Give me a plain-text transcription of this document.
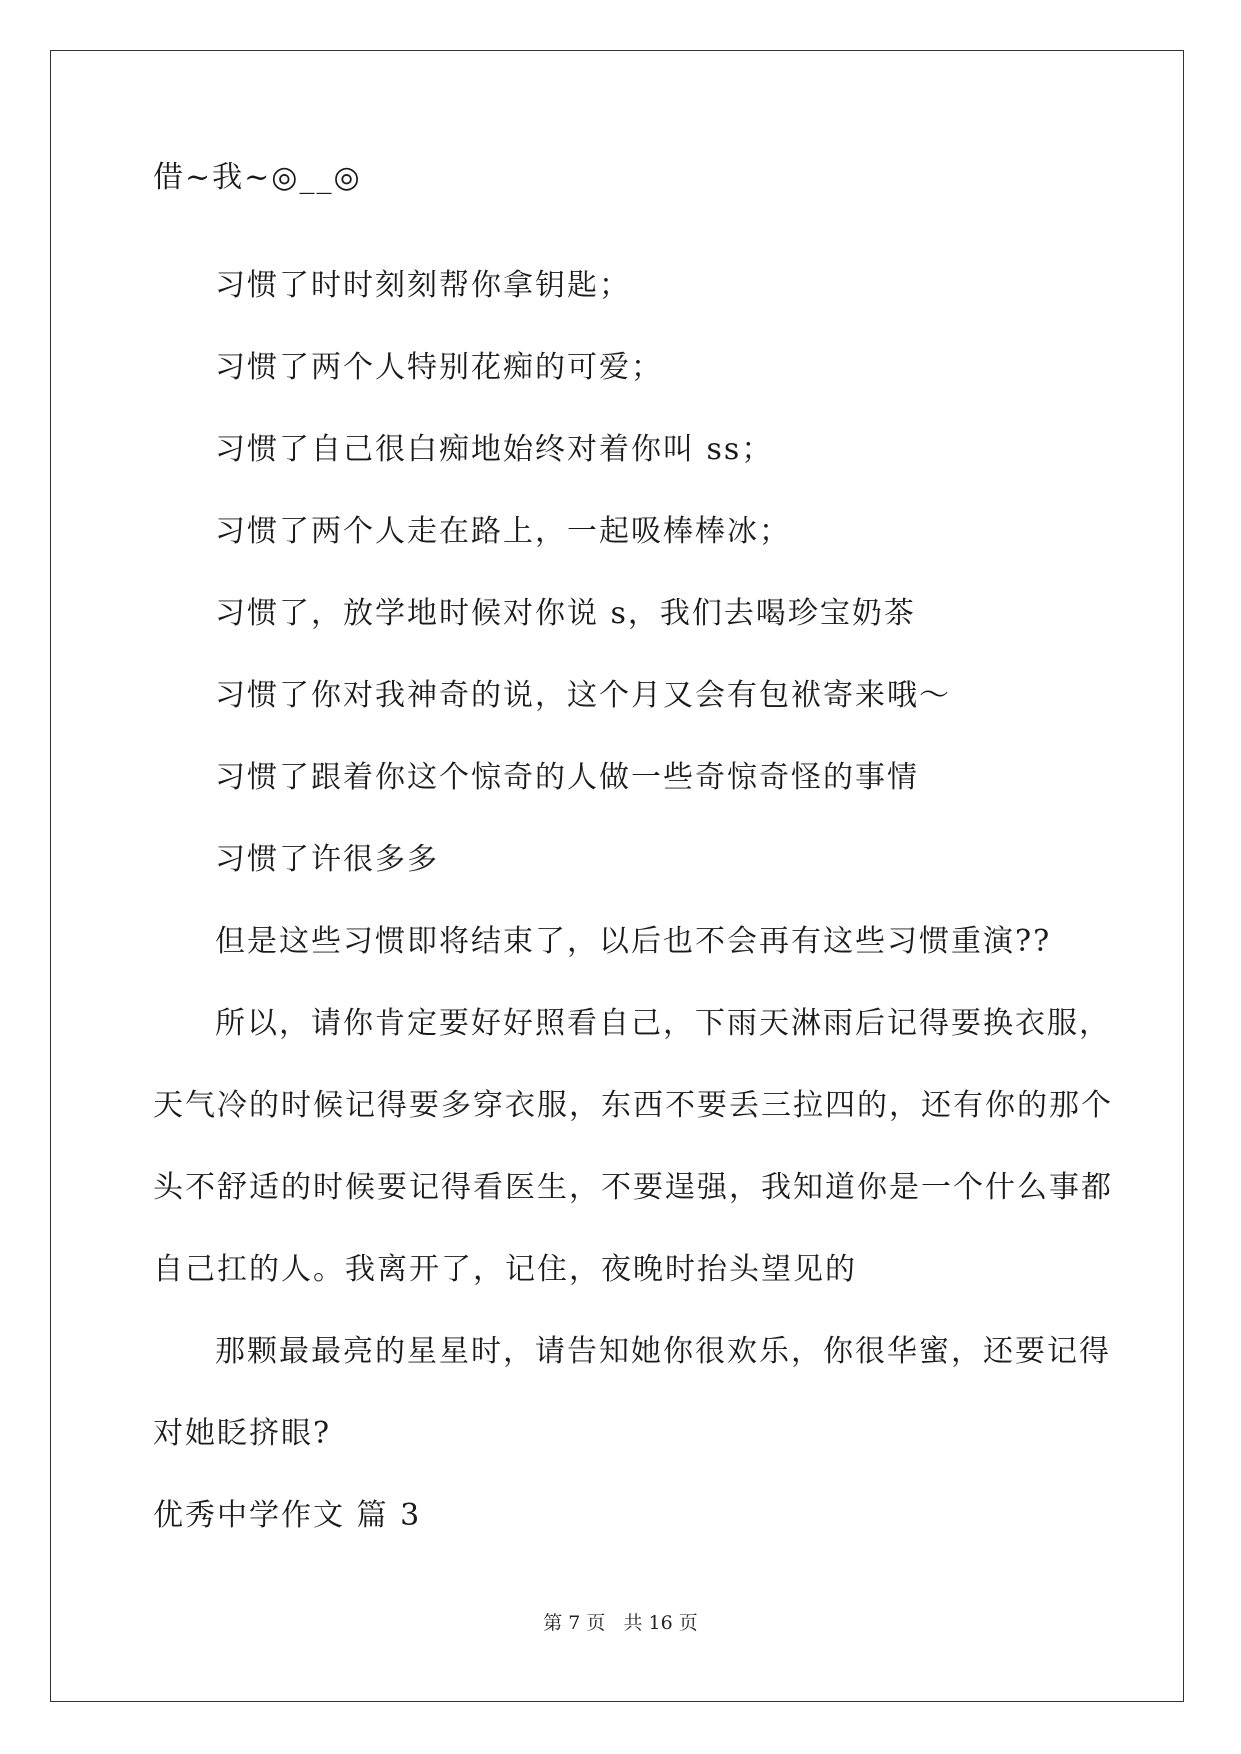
借~我~◎__◎
习惯了时时刻刻帮你拿钥匙；
习惯了两个人特别花痴的可爱；
习惯了自己很白痴地始终对着你叫 ss；
习惯了两个人走在路上，一起吸棒棒冰；
习惯了，放学地时候对你说 s，我们去喝珍宝奶茶
习惯了你对我神奇的说，这个月又会有包袱寄来哦～
习惯了跟着你这个惊奇的人做一些奇惊奇怪的事情
习惯了许很多多
但是这些习惯即将结束了，以后也不会再有这些习惯重演??
所以，请你肯定要好好照看自己，下雨天淋雨后记得要换衣服，
天气冷的时候记得要多穿衣服，东西不要丢三拉四的，还有你的那个
头不舒适的时候要记得看医生，不要逞强，我知道你是一个什么事都
自己扛的人。我离开了，记住，夜晚时抬头望见的
那颗最最亮的星星时，请告知她你很欢乐，你很华蜜，还要记得
对她眨挤眼?
优秀中学作文 篇 3
第 7 页 共 16 页
